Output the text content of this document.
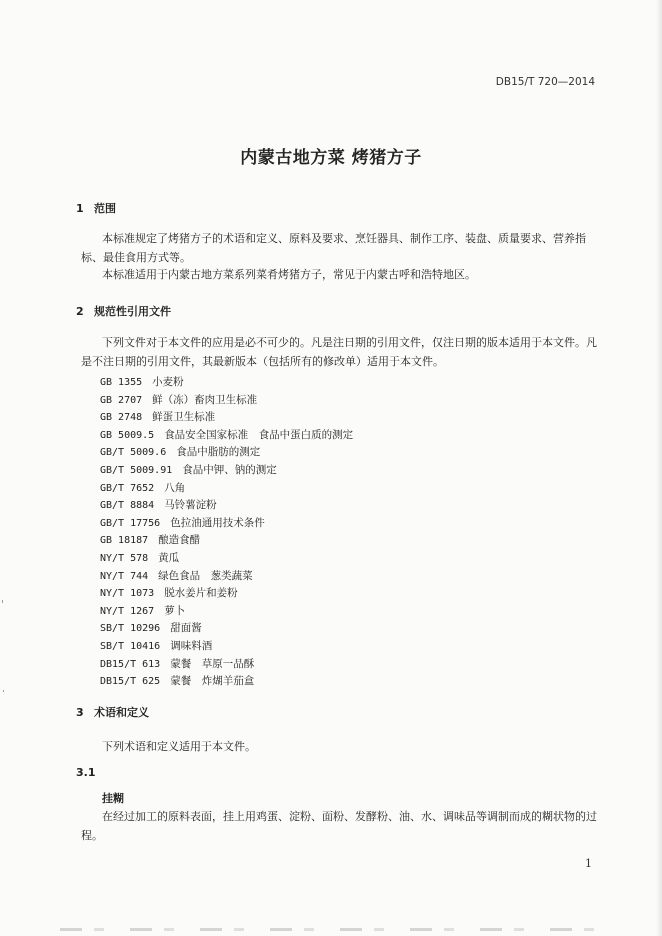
DB15/T 720—2014
内蒙古地方菜 烤猪方子
1 范围
本标准规定了烤猪方子的术语和定义、原料及要求、烹饪器具、制作工序、装盘、质量要求、营养指标、最佳食用方式等。
本标准适用于内蒙古地方菜系列菜肴烤猪方子，常见于内蒙古呼和浩特地区。
2 规范性引用文件
下列文件对于本文件的应用是必不可少的。凡是注日期的引用文件，仅注日期的版本适用于本文件。凡是不注日期的引用文件，其最新版本（包括所有的修改单）适用于本文件。
GB 1355 小麦粉
GB 2707 鲜（冻）畜肉卫生标准
GB 2748 鲜蛋卫生标准
GB 5009.5 食品安全国家标准　食品中蛋白质的测定
GB/T 5009.6 食品中脂肪的测定
GB/T 5009.91 食品中钾、钠的测定
GB/T 7652 八角
GB/T 8884 马铃薯淀粉
GB/T 17756 色拉油通用技术条件
GB 18187 酿造食醋
NY/T 578 黄瓜
NY/T 744 绿色食品　葱类蔬菜
NY/T 1073 脱水姜片和姜粉
NY/T 1267 萝卜
SB/T 10296 甜面酱
SB/T 10416 调味料酒
DB15/T 613 蒙餐　草原一品酥
DB15/T 625 蒙餐　炸煳羊茄盒
3 术语和定义
下列术语和定义适用于本文件。
3.1
挂糊
在经过加工的原料表面，挂上用鸡蛋、淀粉、面粉、发酵粉、油、水、调味品等调制而成的糊状物的过程。
1
